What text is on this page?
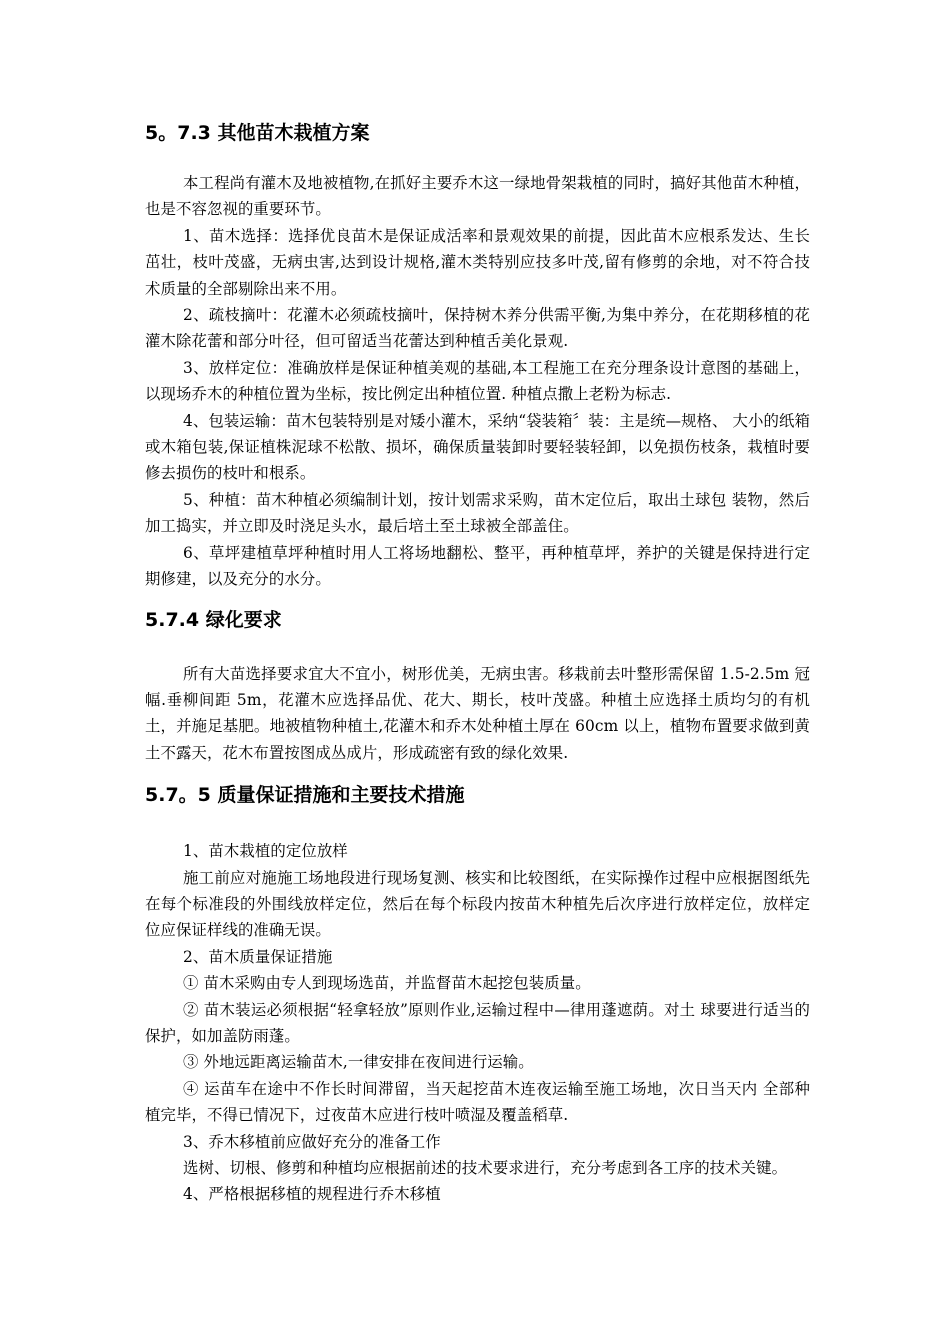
5。7.3 其他苗木栽植方案

本工程尚有灌木及地被植物,在抓好主要乔木这一绿地骨架栽植的同时，搞好其他苗木种植，也是不容忽视的重要环节。

1、苗木选择：选择优良苗木是保证成活率和景观效果的前提，因此苗木应根系发达、生长茁壮，枝叶茂盛，无病虫害,达到设计规格,灌木类特别应技多叶茂,留有修剪的余地，对不符合技术质量的全部剔除出来不用。

2、疏枝摘叶：花灌木必须疏枝摘叶，保持树木养分供需平衡,为集中养分，在花期移植的花灌木除花蕾和部分叶径，但可留适当花蕾达到种植舌美化景观.

3、放样定位：准确放样是保证种植美观的基础,本工程施工在充分理条设计意图的基础上，以现场乔木的种植位置为坐标，按比例定出种植位置. 种植点撒上老粉为标志.

4、包装运输：苗木包装特别是对矮小灌木，采纳“袋装箱〞装：主是统—规格、 大小的纸箱或木箱包装,保证植株泥球不松散、损坏，确保质量装卸时要轻装轻卸，以免损伤枝条，栽植时要修去损伤的枝叶和根系。

5、种植：苗木种植必须编制计划，按计划需求采购，苗木定位后，取出土球包 装物，然后加工捣实，并立即及时浇足头水，最后培土至土球被全部盖住。

6、草坪建植草坪种植时用人工将场地翻松、整平，再种植草坪，养护的关键是保持进行定期修建，以及充分的水分。

5.7.4 绿化要求

所有大苗选择要求宜大不宜小，树形优美，无病虫害。移栽前去叶整形需保留 1.5-2.5m 冠幅.垂柳间距 5m，花灌木应选择品优、花大、期长，枝叶茂盛。种植土应选择土质均匀的有机土，并施足基肥。地被植物种植土,花灌木和乔木处种植土厚在 60cm 以上，植物布置要求做到黄土不露天，花木布置按图成丛成片，形成疏密有致的绿化效果.

5.7。5 质量保证措施和主要技术措施

1、苗木栽植的定位放样

施工前应对施施工场地段进行现场复测、核实和比较图纸，在实际操作过程中应根据图纸先在每个标准段的外围线放样定位，然后在每个标段内按苗木种植先后次序进行放样定位，放样定位应保证样线的准确无误。

2、苗木质量保证措施

① 苗木采购由专人到现场选苗，并监督苗木起挖包装质量。

② 苗木装运必须根据“轻拿轻放”原则作业,运输过程中—律用蓬遮荫。对土 球要进行适当的保护，如加盖防雨蓬。

③ 外地远距离运输苗木,一律安排在夜间进行运输。

④ 运苗车在途中不作长时间滞留，当天起挖苗木连夜运输至施工场地，次日当天内 全部种植完毕，不得已情况下，过夜苗木应进行枝叶喷湿及覆盖稻草.

3、乔木移植前应做好充分的准备工作

选树、切根、修剪和种植均应根据前述的技术要求进行，充分考虑到各工序的技术关键。

4、严格根据移植的规程进行乔木移植
